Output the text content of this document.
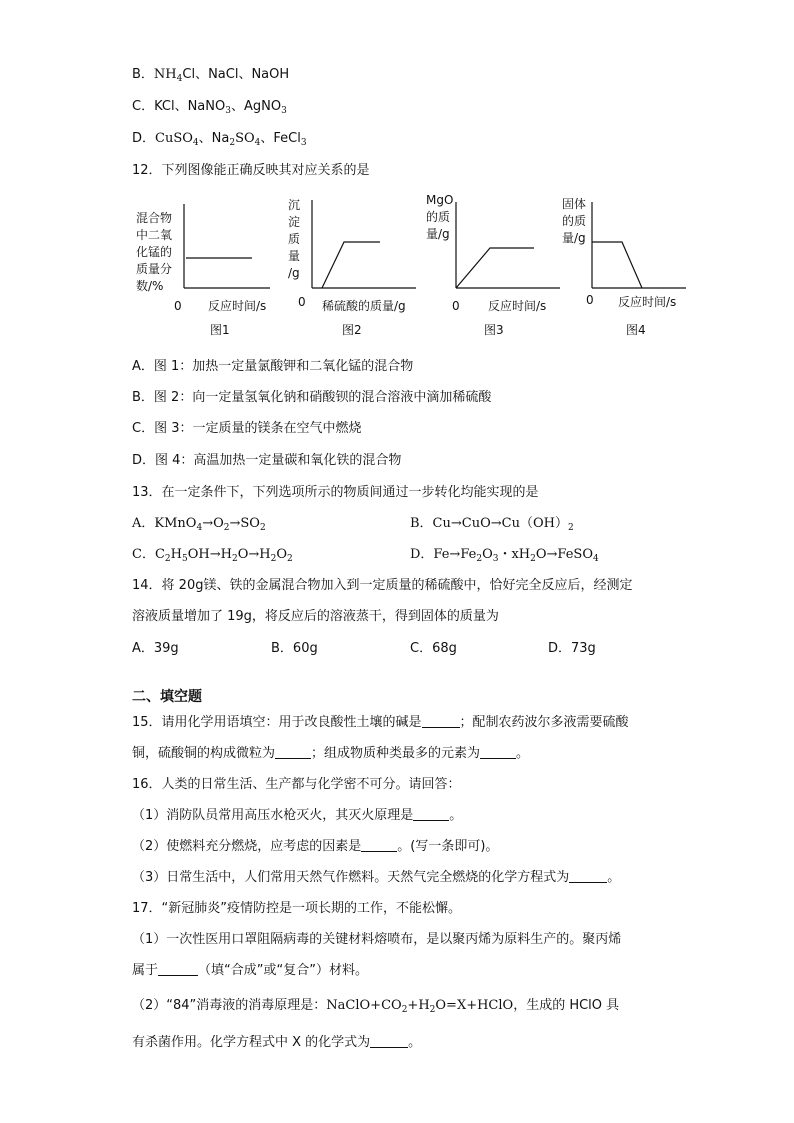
B．$NH_4Cl$、NaCl、NaOH
C．KCl、NaNO$_3$、AgNO$_3$
D．CuSO$_4$、$Na_2SO_4$、FeCl$_3$
12．下列图像能正确反映其对应关系的是
混合物
中二氧
化锰的
质量分
数/%
0 反应时间/s
图1
沉
淀
质
量
/g
0 稀硫酸的质量/g
图2
MgO
的质
量/g
0 反应时间/s
图3
固体
的质
量/g
0 反应时间/s
图4
A．图 1：加热一定量氯酸钾和二氧化锰的混合物
B．图 2：向一定量氢氧化钠和硝酸钡的混合溶液中滴加稀硫酸
C．图 3：一定质量的镁条在空气中燃烧
D．图 4：高温加热一定量碳和氧化铁的混合物
13．在一定条件下，下列选项所示的物质间通过一步转化均能实现的是
A．$KMnO_4\to O_2\to SO_2$	B．$Cu\to CuO\to Cu(OH)_2$
C．$C_2H_5OH\to H_2O\to H_2O_2$	D．$Fe\to Fe_2O_3$・$xH_2O\to FeSO_4$
14．将 20g镁、铁的金属混合物加入到一定质量的稀硫酸中，恰好完全反应后，经测定
溶液质量增加了 19g，将反应后的溶液蒸干，得到固体的质量为
A．39g	B．60g	C．68g	D．73g
二、填空题
15．请用化学用语填空：用于改良酸性土壤的碱是	；配制农药波尔多液需要硫酸
铜，硫酸铜的构成微粒为	；组成物质种类最多的元素为	。
16．人类的日常生活、生产都与化学密不可分。请回答：
（1）消防队员常用高压水枪灭火，其灭火原理是	。
（2）使燃料充分燃烧，应考虑的因素是	。(写一条即可)。
（3）日常生活中，人们常用天然气作燃料。天然气完全燃烧的化学方程式为	。
17．“新冠肺炎”疫情防控是一项长期的工作，不能松懈。
（1）一次性医用口罩阻隔病毒的关键材料熔喷布，是以聚丙烯为原料生产的。聚丙烯
属于	（填“合成”或“复合”）材料。
（2）“84”消毒液的消毒原理是：$NaClO+CO_2+H_2O=X+HClO$，生成的 HClO 具
有杀菌作用。化学方程式中 X 的化学式为	。
